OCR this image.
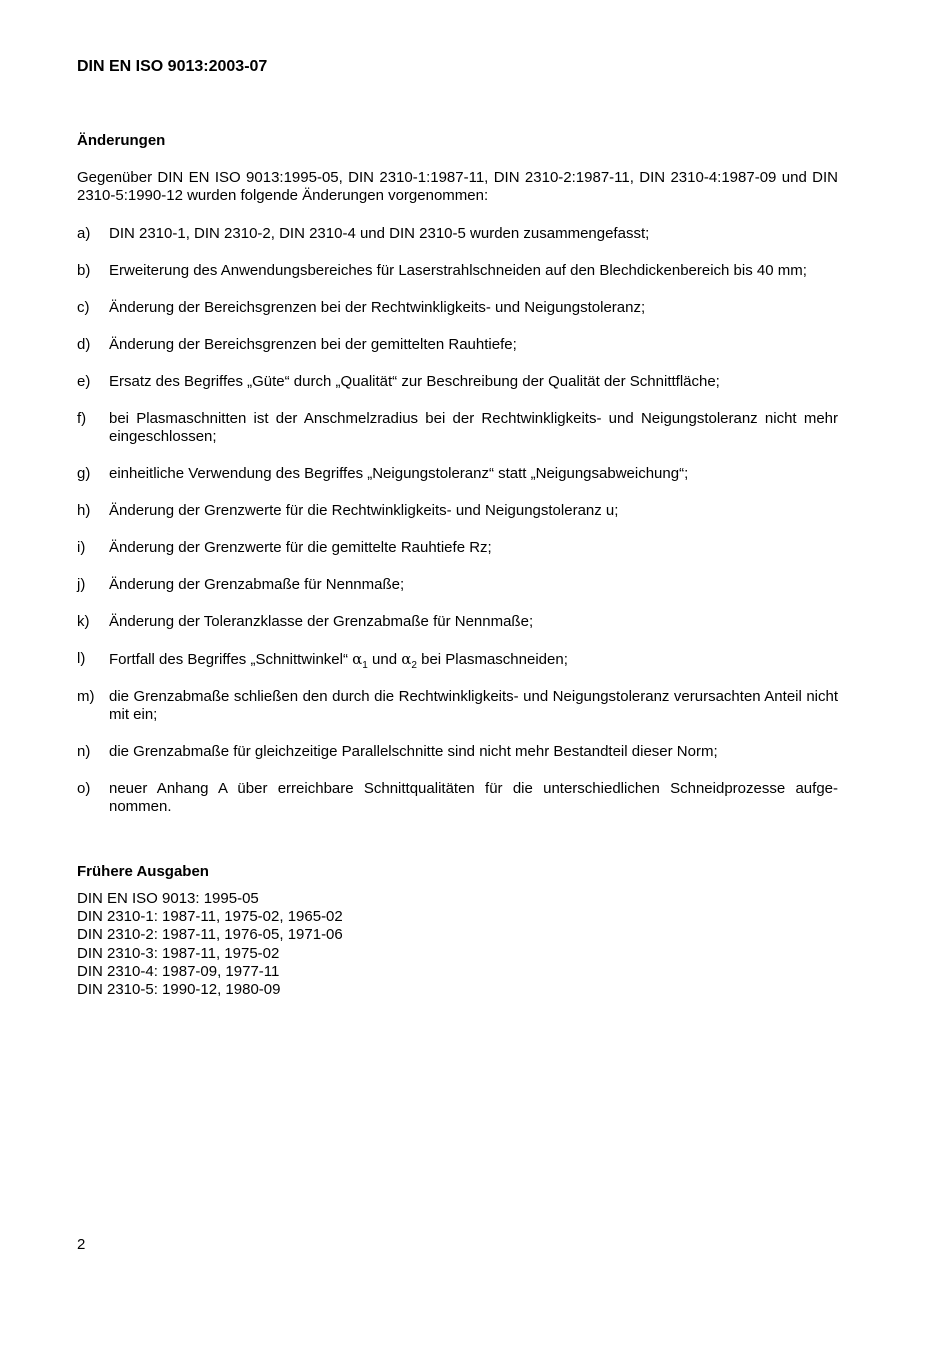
DIN EN ISO 9013:2003-07
Änderungen
Gegenüber DIN EN ISO 9013:1995-05, DIN 2310-1:1987-11, DIN 2310-2:1987-11, DIN 2310-4:1987-09 und DIN 2310-5:1990-12 wurden folgende Änderungen vorgenommen:
a) DIN 2310-1, DIN 2310-2, DIN 2310-4 und DIN 2310-5 wurden zusammengefasst;
b) Erweiterung des Anwendungsbereiches für Laserstrahlschneiden auf den Blechdickenbereich bis 40 mm;
c) Änderung der Bereichsgrenzen bei der Rechtwinkligkeits- und Neigungstoleranz;
d) Änderung der Bereichsgrenzen bei der gemittelten Rauhtiefe;
e) Ersatz des Begriffes „Güte“ durch „Qualität“ zur Beschreibung der Qualität der Schnittfläche;
f) bei Plasmaschnitten ist der Anschmelzradius bei der Rechtwinkligkeits- und Neigungstoleranz nicht mehr eingeschlossen;
g) einheitliche Verwendung des Begriffes „Neigungstoleranz“ statt „Neigungsabweichung“;
h) Änderung der Grenzwerte für die Rechtwinkligkeits- und Neigungstoleranz u;
i) Änderung der Grenzwerte für die gemittelte Rauhtiefe Rz;
j) Änderung der Grenzabmaße für Nennmaße;
k) Änderung der Toleranzklasse der Grenzabmaße für Nennmaße;
l) Fortfall des Begriffes „Schnittwinkel“ $\alpha_1$ und $\alpha_2$ bei Plasmaschneiden;
m) die Grenzabmaße schließen den durch die Rechtwinkligkeits- und Neigungstoleranz verursachten Anteil nicht mit ein;
n) die Grenzabmaße für gleichzeitige Parallelschnitte sind nicht mehr Bestandteil dieser Norm;
o) neuer Anhang A über erreichbare Schnittqualitäten für die unterschiedlichen Schneidprozesse aufge-nommen.
Frühere Ausgaben
DIN EN ISO 9013: 1995-05
DIN 2310-1: 1987-11, 1975-02, 1965-02
DIN 2310-2: 1987-11, 1976-05, 1971-06
DIN 2310-3: 1987-11, 1975-02
DIN 2310-4: 1987-09, 1977-11
DIN 2310-5: 1990-12, 1980-09
2
